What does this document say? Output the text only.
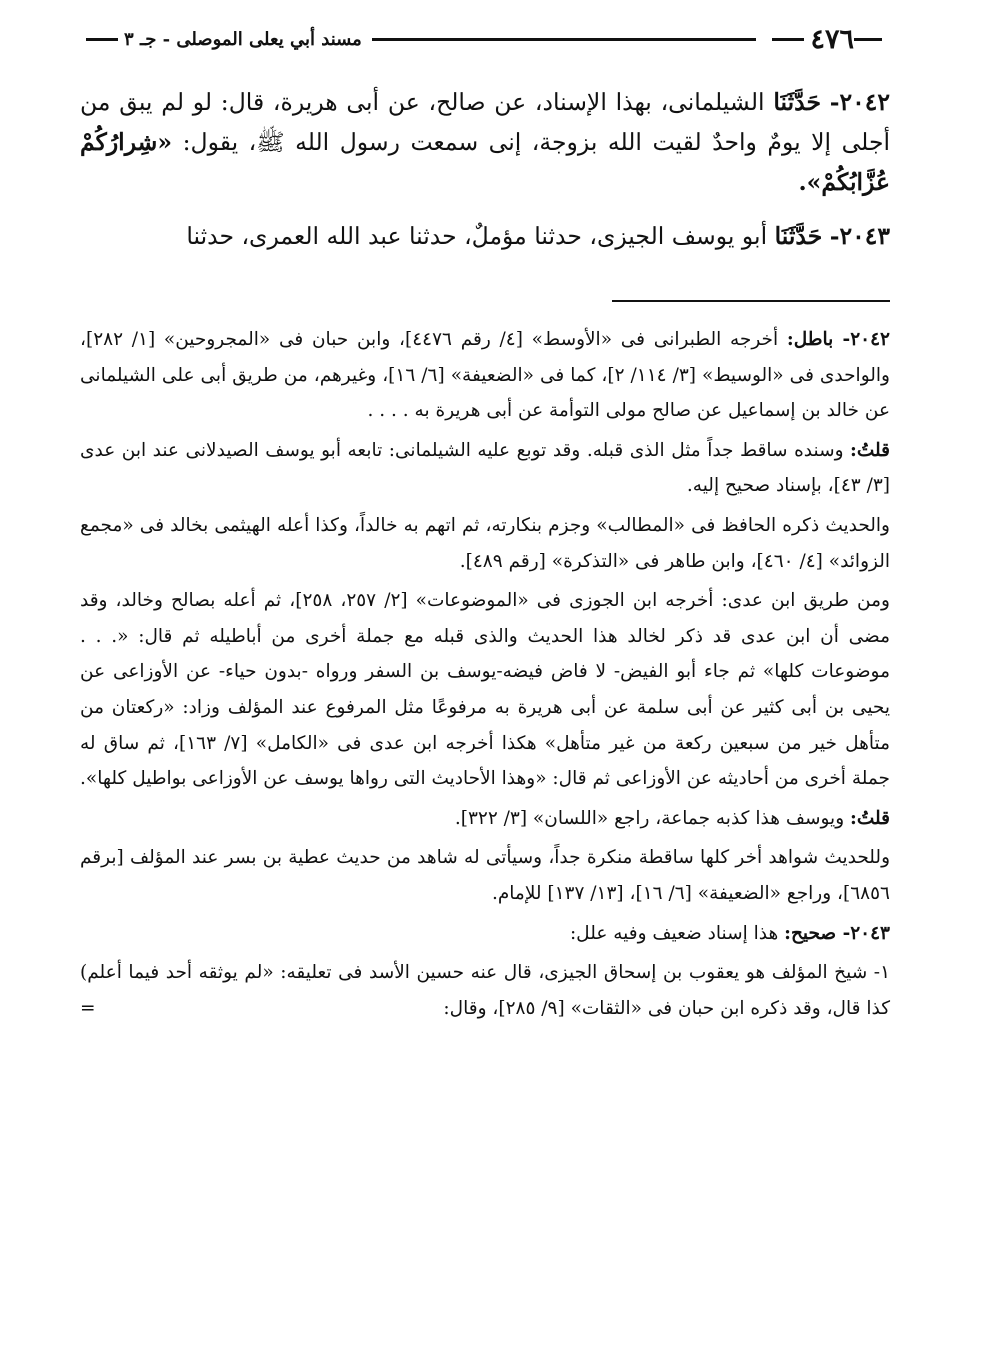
٤٧٦
مسند أبي يعلى الموصلى - جـ ٣

٢٠٤٢- حَدَّثَنَا الشيلمانى، بهذا الإسناد، عن صالح، عن أبى هريرة، قال: لو لم يبق من أجلى إلا يومٌ واحدٌ لقيت الله بزوجة، إنى سمعت رسول الله ﷺ، يقول: «شِرارُكُمْ عُزَّابُكُمْ».

٢٠٤٣- حَدَّثَنَا أبو يوسف الجيزى، حدثنا مؤملٌ، حدثنا عبد الله العمرى، حدثنا

٢٠٤٢- باطل: أخرجه الطبرانى فى «الأوسط» [٤/ رقم ٤٤٧٦]، وابن حبان فى «المجروحين» [١/ ٢٨٢]، والواحدى فى «الوسيط» [٣/ ١١٤/ ٢]، كما فى «الضعيفة» [٦/ ١٦]، وغيرهم، من طريق أبى على الشيلمانى عن خالد بن إسماعيل عن صالح مولى التوأمة عن أبى هريرة به . . . .

قلتُ: وسنده ساقط جداً مثل الذى قبله. وقد توبع عليه الشيلمانى: تابعه أبو يوسف الصيدلانى عند ابن عدى [٣/ ٤٣]، بإسناد صحيح إليه.

والحديث ذكره الحافظ فى «المطالب» وجزم بنكارته، ثم اتهم به خالداً، وكذا أعله الهيثمى بخالد فى «مجمع الزوائد» [٤/ ٤٦٠]، وابن طاهر فى «التذكرة» [رقم ٤٨٩].

ومن طريق ابن عدى: أخرجه ابن الجوزى فى «الموضوعات» [٢/ ٢٥٧، ٢٥٨]، ثم أعله بصالح وخالد، وقد مضى أن ابن عدى قد ذكر لخالد هذا الحديث والذى قبله مع جملة أخرى من أباطيله ثم قال: «. . . موضوعات كلها» ثم جاء أبو الفيض- لا فاض فيضه-يوسف بن السفر ورواه -بدون حياء- عن الأوزاعى عن يحيى بن أبى كثير عن أبى سلمة عن أبى هريرة به مرفوعًا مثل المرفوع عند المؤلف وزاد: «ركعتان من متأهل خير من سبعين ركعة من غير متأهل» هكذا أخرجه ابن عدى فى «الكامل» [٧/ ١٦٣]، ثم ساق له جملة أخرى من أحاديثه عن الأوزاعى ثم قال: «وهذا الأحاديث التى رواها يوسف عن الأوزاعى بواطيل كلها».

قلتُ: ويوسف هذا كذبه جماعة، راجع «اللسان» [٣/ ٣٢٢].

وللحديث شواهد أخر كلها ساقطة منكرة جداً، وسيأتى له شاهد من حديث عطية بن بسر عند المؤلف [برقم ٦٨٥٦]، وراجع «الضعيفة» [٦/ ١٦]، [١٣/ ١٣٧] للإمام.

٢٠٤٣- صحيح: هذا إسناد ضعيف وفيه علل:

١- شيخ المؤلف هو يعقوب بن إسحاق الجيزى، قال عنه حسين الأسد فى تعليقه: «لم يوثقه أحد فيما أعلم) كذا قال، وقد ذكره ابن حبان فى «الثقات» [٩/ ٢٨٥]، وقال:
=
